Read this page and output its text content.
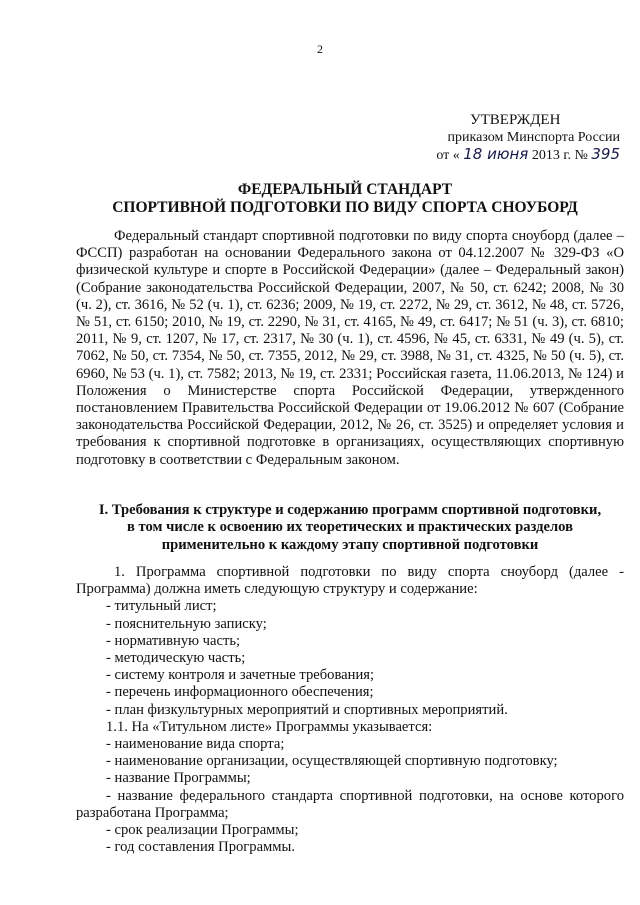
2
УТВЕРЖДЕН
приказом Минспорта России
от « 18 июня 2013 г. № 395
ФЕДЕРАЛЬНЫЙ СТАНДАРТ
СПОРТИВНОЙ ПОДГОТОВКИ ПО ВИДУ СПОРТА СНОУБОРД

Федеральный стандарт спортивной подготовки по виду спорта сноуборд (далее – ФССП) разработан на основании Федерального закона от 04.12.2007 № 329-ФЗ «О физической культуре и спорте в Российской Федерации» (далее – Федеральный закон) (Собрание законодательства Российской Федерации, 2007, № 50, ст. 6242; 2008, № 30 (ч. 2), ст. 3616, № 52 (ч. 1), ст. 6236; 2009, № 19, ст. 2272, № 29, ст. 3612, № 48, ст. 5726, № 51, ст. 6150; 2010, № 19, ст. 2290, № 31, ст. 4165, № 49, ст. 6417; № 51 (ч. 3), ст. 6810; 2011, № 9, ст. 1207, № 17, ст. 2317, № 30 (ч. 1), ст. 4596, № 45, ст. 6331, № 49 (ч. 5), ст. 7062, № 50, ст. 7354, № 50, ст. 7355, 2012, № 29, ст. 3988, № 31, ст. 4325, № 50 (ч. 5), ст. 6960, № 53 (ч. 1), ст. 7582; 2013, № 19, ст. 2331; Российская газета, 11.06.2013, № 124) и Положения о Министерстве спорта Российской Федерации, утвержденного постановлением Правительства Российской Федерации от 19.06.2012 № 607 (Собрание законодательства Российской Федерации, 2012, № 26, ст. 3525) и определяет условия и требования к спортивной подготовке в организациях, осуществляющих спортивную подготовку в соответствии с Федеральным законом.

I. Требования к структуре и содержанию программ спортивной подготовки,
в том числе к освоению их теоретических и практических разделов
применительно к каждому этапу спортивной подготовки

1. Программа спортивной подготовки по виду спорта сноуборд (далее - Программа) должна иметь следующую структуру и содержание:

- титульный лист;
- пояснительную записку;
- нормативную часть;
- методическую часть;
- систему контроля и зачетные требования;
- перечень информационного обеспечения;
- план физкультурных мероприятий и спортивных мероприятий.
1.1. На «Титульном листе» Программы указывается:
- наименование вида спорта;
- наименование организации, осуществляющей спортивную подготовку;
- название Программы;

- название федерального стандарта спортивной подготовки, на основе которого разработана Программа;

- срок реализации Программы;
- год составления Программы.
